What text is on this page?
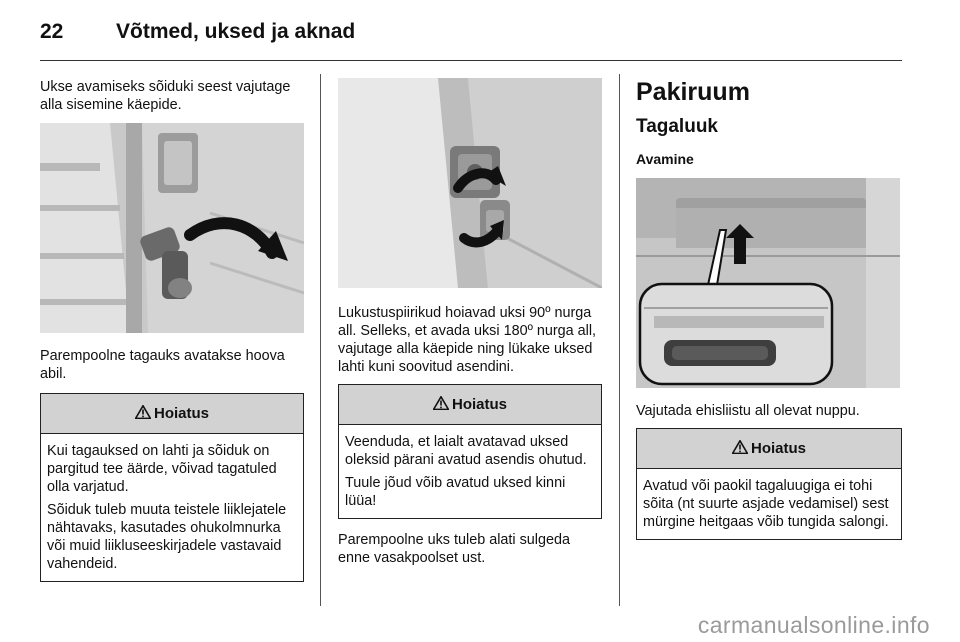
22	Võtmed, uksed ja aknad

Ukse avamiseks sõiduki seest vajutage alla sisemine käepide.

Parempoolne tagauks avatakse hoova abil.

Hoiatus

Kui tagauksed on lahti ja sõiduk on pargitud tee äärde, võivad tagatuled olla varjatud.

Sõiduk tuleb muuta teistele liiklejatele nähtavaks, kasutades ohukolmnurka või muid liikluseeskirjadele vastavaid vahendeid.

Lukustuspiirikud hoiavad uksi 90º nurga all. Selleks, et avada uksi 180º nurga all, vajutage alla käepide ning lükake uksed lahti kuni soovitud asendini.

Hoiatus

Veenduda, et laialt avatavad uksed oleksid pärani avatud asendis ohutud.

Tuule jõud võib avatud uksed kinni lüüa!

Parempoolne uks tuleb alati sulgeda enne vasakpoolset ust.

Pakiruum
Tagaluuk
Avamine

Vajutada ehisliistu all olevat nuppu.

Hoiatus

Avatud või paokil tagaluugiga ei tohi sõita (nt suurte asjade vedamisel) sest mürgine heitgaas võib tungida salongi.

carmanualsonline.info
